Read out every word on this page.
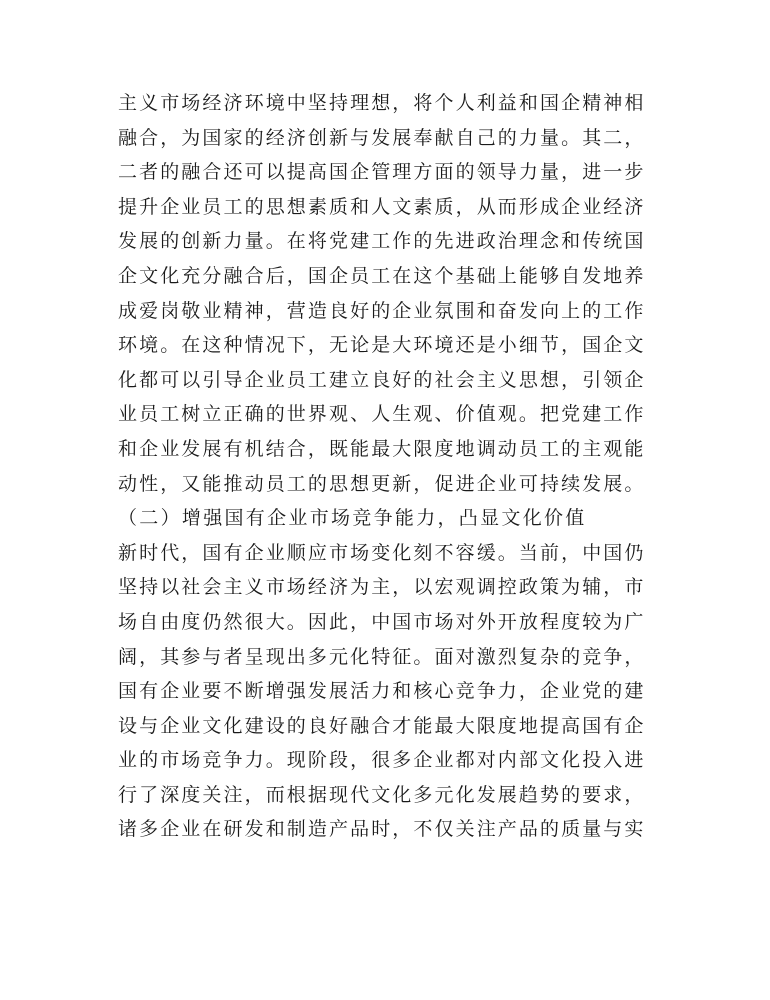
主义市场经济环境中坚持理想，将个人利益和国企精神相
融合，为国家的经济创新与发展奉献自己的力量。其二，
二者的融合还可以提高国企管理方面的领导力量，进一步
提升企业员工的思想素质和人文素质，从而形成企业经济
发展的创新力量。在将党建工作的先进政治理念和传统国
企文化充分融合后，国企员工在这个基础上能够自发地养
成爱岗敬业精神，营造良好的企业氛围和奋发向上的工作
环境。在这种情况下，无论是大环境还是小细节，国企文
化都可以引导企业员工建立良好的社会主义思想，引领企
业员工树立正确的世界观、人生观、价值观。把党建工作
和企业发展有机结合，既能最大限度地调动员工的主观能
动性，又能推动员工的思想更新，促进企业可持续发展。
（二）增强国有企业市场竞争能力，凸显文化价值
新时代，国有企业顺应市场变化刻不容缓。当前，中国仍
坚持以社会主义市场经济为主，以宏观调控政策为辅，市
场自由度仍然很大。因此，中国市场对外开放程度较为广
阔，其参与者呈现出多元化特征。面对激烈复杂的竞争，
国有企业要不断增强发展活力和核心竞争力，企业党的建
设与企业文化建设的良好融合才能最大限度地提高国有企
业的市场竞争力。现阶段，很多企业都对内部文化投入进
行了深度关注，而根据现代文化多元化发展趋势的要求，
诸多企业在研发和制造产品时，不仅关注产品的质量与实
